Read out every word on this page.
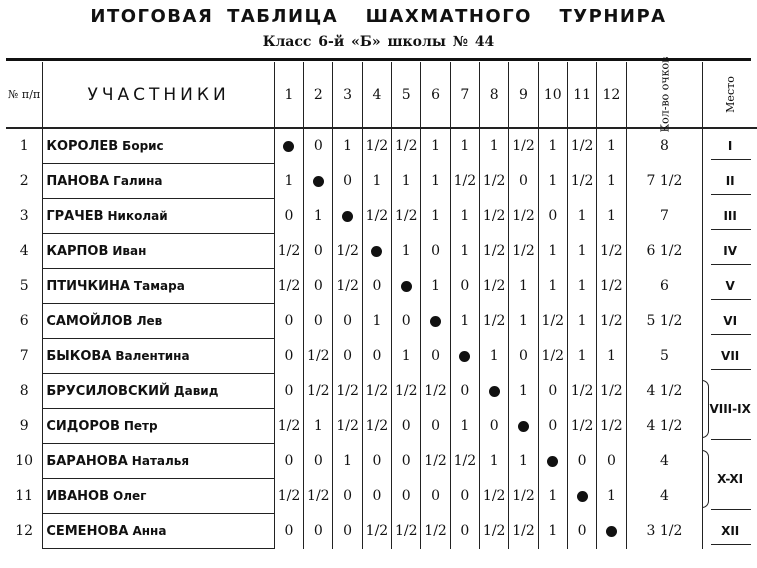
ИТОГОВАЯ ТАБЛИЦА  ШАХМАТНОГО  ТУРНИРА
Класс 6-й «Б» школы № 44
№ п/п	УЧАСТНИКИ	1	2	3	4	5	6	7	8	9	10	11	12	Кол-во очков	Место
1	КОРОЛЕВ Борис		0	1	1/2	1/2	1	1	1	1/2	1	1/2	1	8	I

2	ПАНОВА Галина	1		0	1	1	1	1/2	1/2	0	1	1/2	1	7 1/2	II

3	ГРАЧЕВ Николай	0	1		1/2	1/2	1	1	1/2	1/2	0	1	1	7	III

4	КАРПОВ Иван	1/2	0	1/2		1	0	1	1/2	1/2	1	1	1/2	6 1/2	IV

5	ПТИЧКИНА Тамара	1/2	0	1/2	0		1	0	1/2	1	1	1	1/2	6	V

6	САМОЙЛОВ Лев	0	0	0	1	0		1	1/2	1	1/2	1	1/2	5 1/2	VI

7	БЫКОВА Валентина	0	1/2	0	0	1	0		1	0	1/2	1	1	5	VII

8	БРУСИЛОВСКИЙ Давид	0	1/2	1/2	1/2	1/2	1/2	0		1	0	1/2	1/2	4 1/2	VIII-IX

9	СИДОРОВ Петр	1/2	1	1/2	1/2	0	0	1	0		0	1/2	1/2	4 1/2	
10	БАРАНОВА Наталья	0	0	1	0	0	1/2	1/2	1	1		0	0	4	X-XI

11	ИВАНОВ Олег	1/2	1/2	0	0	0	0	0	1/2	1/2	1		1	4	
12	СЕМЕНОВА Анна	0	0	0	1/2	1/2	1/2	0	1/2	1/2	1	0		3 1/2	XII
